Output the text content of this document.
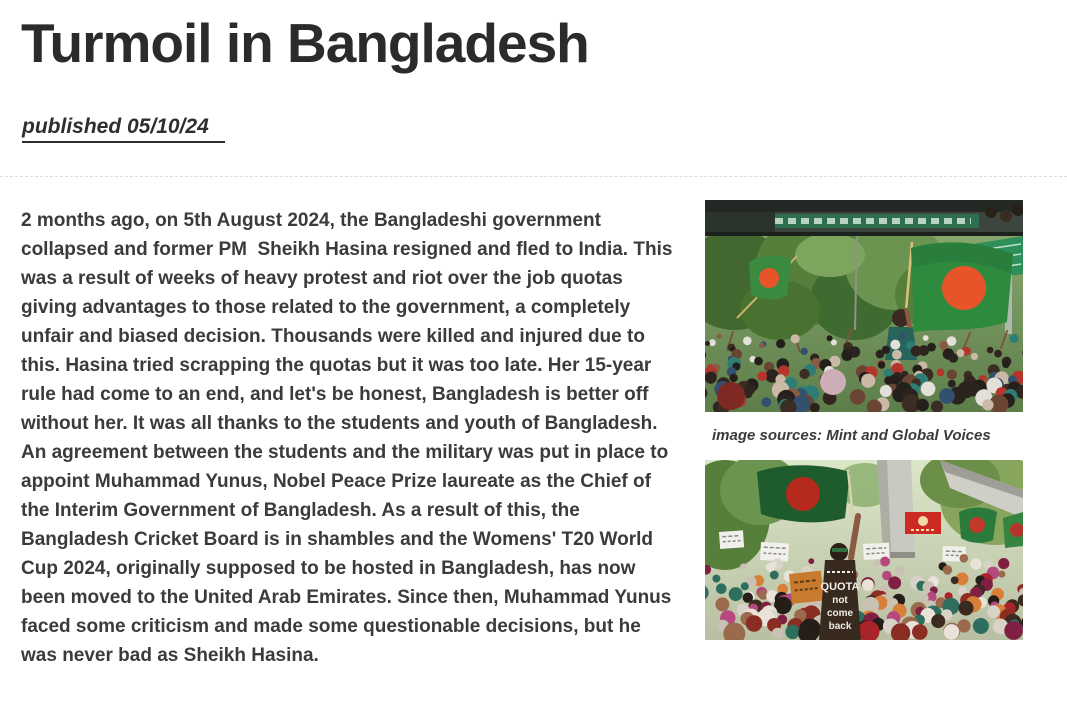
Turmoil in Bangladesh
published 05/10/24

2 months ago, on 5th August 2024, the Bangladeshi government collapsed and former PM  Sheikh Hasina resigned and fled to India. This was a result of weeks of heavy protest and riot over the job quotas giving advantages to those related to the government, a completely unfair and biased decision. Thousands were killed and injured due to this. Hasina tried scrapping the quotas but it was too late. Her 15-year rule had come to an end, and let's be honest, Bangladesh is better off without her. It was all thanks to the students and youth of Bangladesh. An agreement between the students and the military was put in place to appoint Muhammad Yunus, Nobel Peace Prize laureate as the Chief of the Interim Government of Bangladesh. As a result of this, the Bangladesh Cricket Board is in shambles and the Womens' T20 World Cup 2024, originally supposed to be hosted in Bangladesh, has now been moved to the United Arab Emirates. Since then, Muhammad Yunus faced some criticism and made some questionable decisions, but he was never bad as Sheikh Hasina.

image sources: Mint and Global Voices
QUOTA
not
come
back
